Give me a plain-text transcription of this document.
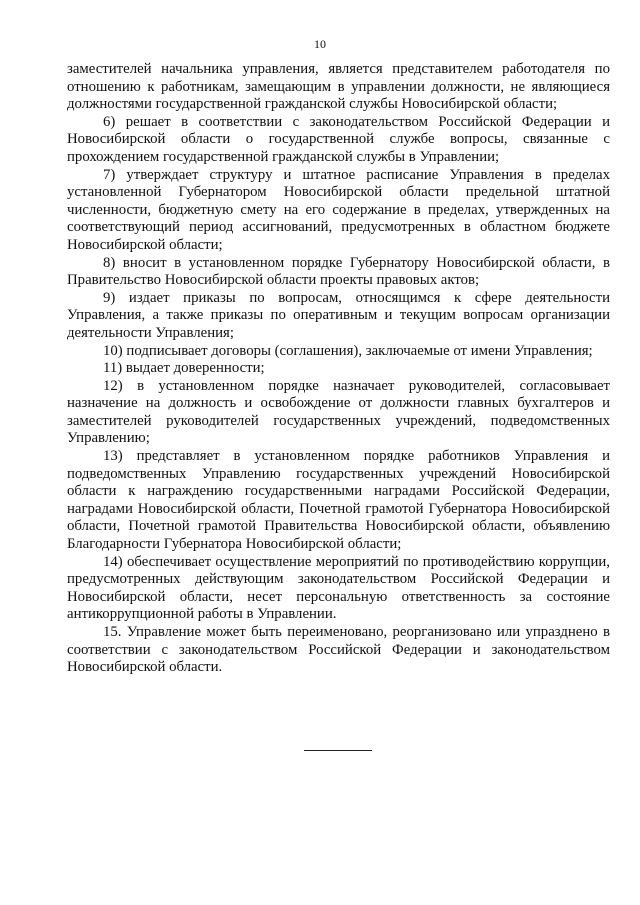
10

заместителей начальника управления, является представителем работодателя по отношению к работникам, замещающим в управлении должности, не являющиеся должностями государственной гражданской службы Новосибирской области;

6) решает в соответствии с законодательством Российской Федерации и Новосибирской области о государственной службе вопросы, связанные с прохождением государственной гражданской службы в Управлении;

7) утверждает структуру и штатное расписание Управления в пределах установленной Губернатором Новосибирской области предельной штатной численности, бюджетную смету на его содержание в пределах, утвержденных на соответствующий период ассигнований, предусмотренных в областном бюджете Новосибирской области;

8) вносит в установленном порядке Губернатору Новосибирской области, в Правительство Новосибирской области проекты правовых актов;

9) издает приказы по вопросам, относящимся к сфере деятельности Управления, а также приказы по оперативным и текущим вопросам организации деятельности Управления;

10) подписывает договоры (соглашения), заключаемые от имени Управления;

11) выдает доверенности;

12) в установленном порядке назначает руководителей, согласовывает назначение на должность и освобождение от должности главных бухгалтеров и заместителей руководителей государственных учреждений, подведомственных Управлению;

13) представляет в установленном порядке работников Управления и подведомственных Управлению государственных учреждений Новосибирской области к награждению государственными наградами Российской Федерации, наградами Новосибирской области, Почетной грамотой Губернатора Новосибирской области, Почетной грамотой Правительства Новосибирской области, объявлению Благодарности Губернатора Новосибирской области;

14) обеспечивает осуществление мероприятий по противодействию коррупции, предусмотренных действующим законодательством Российской Федерации и Новосибирской области, несет персональную ответственность за состояние антикоррупционной работы в Управлении.

15. Управление может быть переименовано, реорганизовано или упразднено в соответствии с законодательством Российской Федерации и законодательством Новосибирской области.
